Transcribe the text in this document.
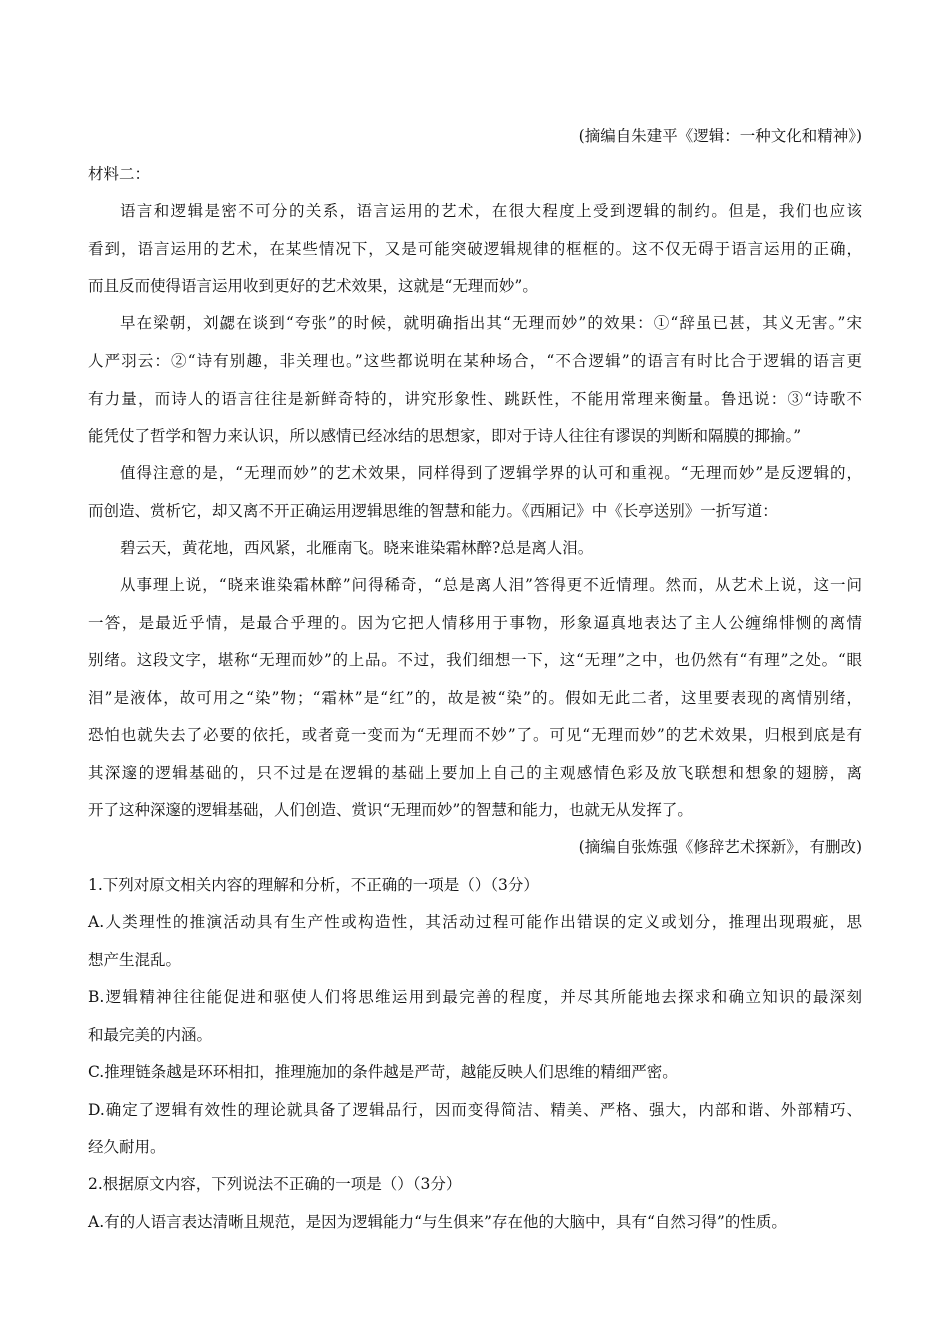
(摘编自朱建平《逻辑：一种文化和精神》)
材料二：
语言和逻辑是密不可分的关系，语言运用的艺术，在很大程度上受到逻辑的制约。但是，我们也应该
看到，语言运用的艺术，在某些情况下，又是可能突破逻辑规律的框框的。这不仅无碍于语言运用的正确，
而且反而使得语言运用收到更好的艺术效果，这就是“无理而妙”。
早在梁朝，刘勰在谈到“夸张”的时候，就明确指出其“无理而妙”的效果：①“辞虽已甚，其义无害。”宋
人严羽云：②“诗有别趣，非关理也。”这些都说明在某种场合，“不合逻辑”的语言有时比合于逻辑的语言更
有力量，而诗人的语言往往是新鲜奇特的，讲究形象性、跳跃性，不能用常理来衡量。鲁迅说：③“诗歌不
能凭仗了哲学和智力来认识，所以感情已经冰结的思想家，即对于诗人往往有谬误的判断和隔膜的揶揄。”
值得注意的是，“无理而妙”的艺术效果，同样得到了逻辑学界的认可和重视。“无理而妙”是反逻辑的，
而创造、赏析它，却又离不开正确运用逻辑思维的智慧和能力。《西厢记》中《长亭送别》一折写道：
碧云天，黄花地，西风紧，北雁南飞。晓来谁染霜林醉?总是离人泪。
从事理上说，“晓来谁染霜林醉”问得稀奇，“总是离人泪”答得更不近情理。然而，从艺术上说，这一问
一答，是最近乎情，是最合乎理的。因为它把人情移用于事物，形象逼真地表达了主人公缠绵悱恻的离情
别绪。这段文字，堪称“无理而妙”的上品。不过，我们细想一下，这“无理”之中，也仍然有“有理”之处。“眼
泪”是液体，故可用之“染”物；“霜林”是“红”的，故是被“染”的。假如无此二者，这里要表现的离情别绪，
恐怕也就失去了必要的依托，或者竟一变而为“无理而不妙”了。可见“无理而妙”的艺术效果，归根到底是有
其深邃的逻辑基础的，只不过是在逻辑的基础上要加上自己的主观感情色彩及放飞联想和想象的翅膀，离
开了这种深邃的逻辑基础，人们创造、赏识“无理而妙”的智慧和能力，也就无从发挥了。
(摘编自张炼强《修辞艺术探新》，有删改)
1.下列对原文相关内容的理解和分析，不正确的一项是（）（3分）
A.人类理性的推演活动具有生产性或构造性，其活动过程可能作出错误的定义或划分，推理出现瑕疵，思
想产生混乱。
B.逻辑精神往往能促进和驱使人们将思维运用到最完善的程度，并尽其所能地去探求和确立知识的最深刻
和最完美的内涵。
C.推理链条越是环环相扣，推理施加的条件越是严苛，越能反映人们思维的精细严密。
D.确定了逻辑有效性的理论就具备了逻辑品行，因而变得简洁、精美、严格、强大，内部和谐、外部精巧、
经久耐用。
2.根据原文内容，下列说法不正确的一项是（）（3分）
A.有的人语言表达清晰且规范，是因为逻辑能力“与生俱来”存在他的大脑中，具有“自然习得”的性质。
